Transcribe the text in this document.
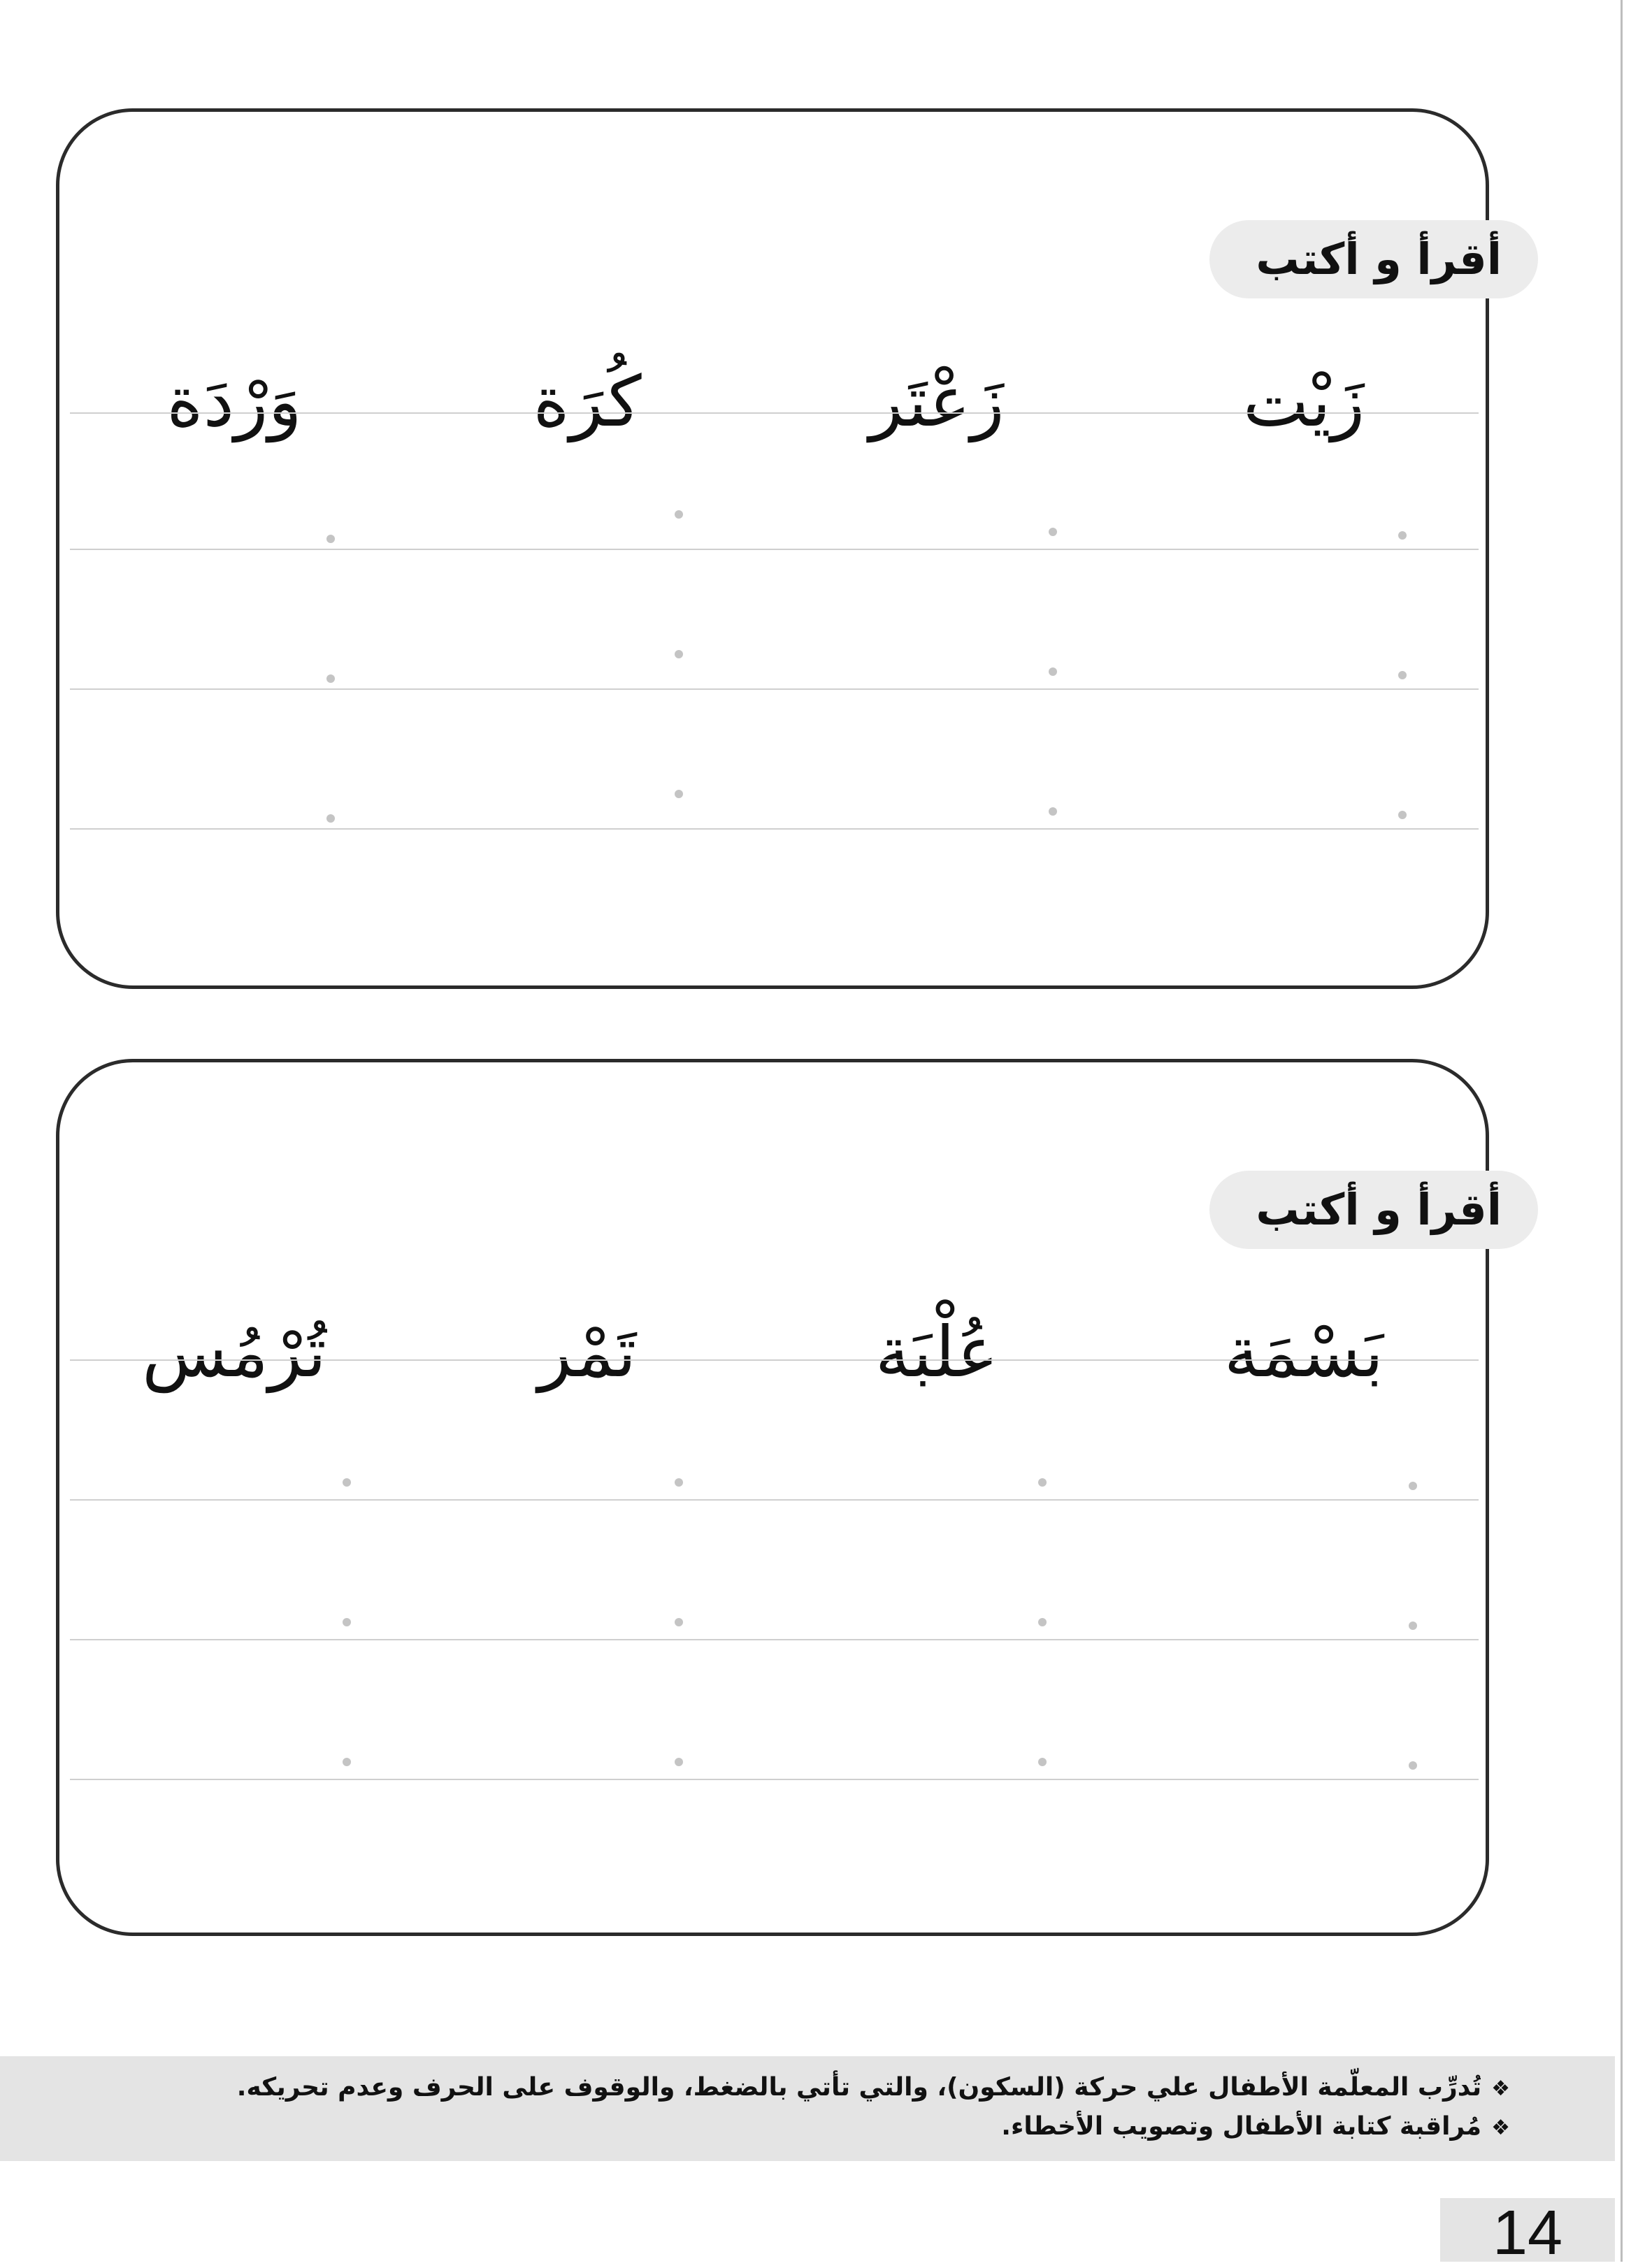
أقرأ و أكتب
زَيْت
زَعْتَر
كُرَة
وَرْدَة
أقرأ و أكتب
بَسْمَة
عُلْبَة
تَمْر
تُرْمُس
❖تُدرِّب المعلّمة الأطفال علي حركة (السكون)، والتي تأتي بالضغط، والوقوف على الحرف وعدم تحريكه.
❖مُراقبة كتابة الأطفال وتصويب الأخطاء.
14
